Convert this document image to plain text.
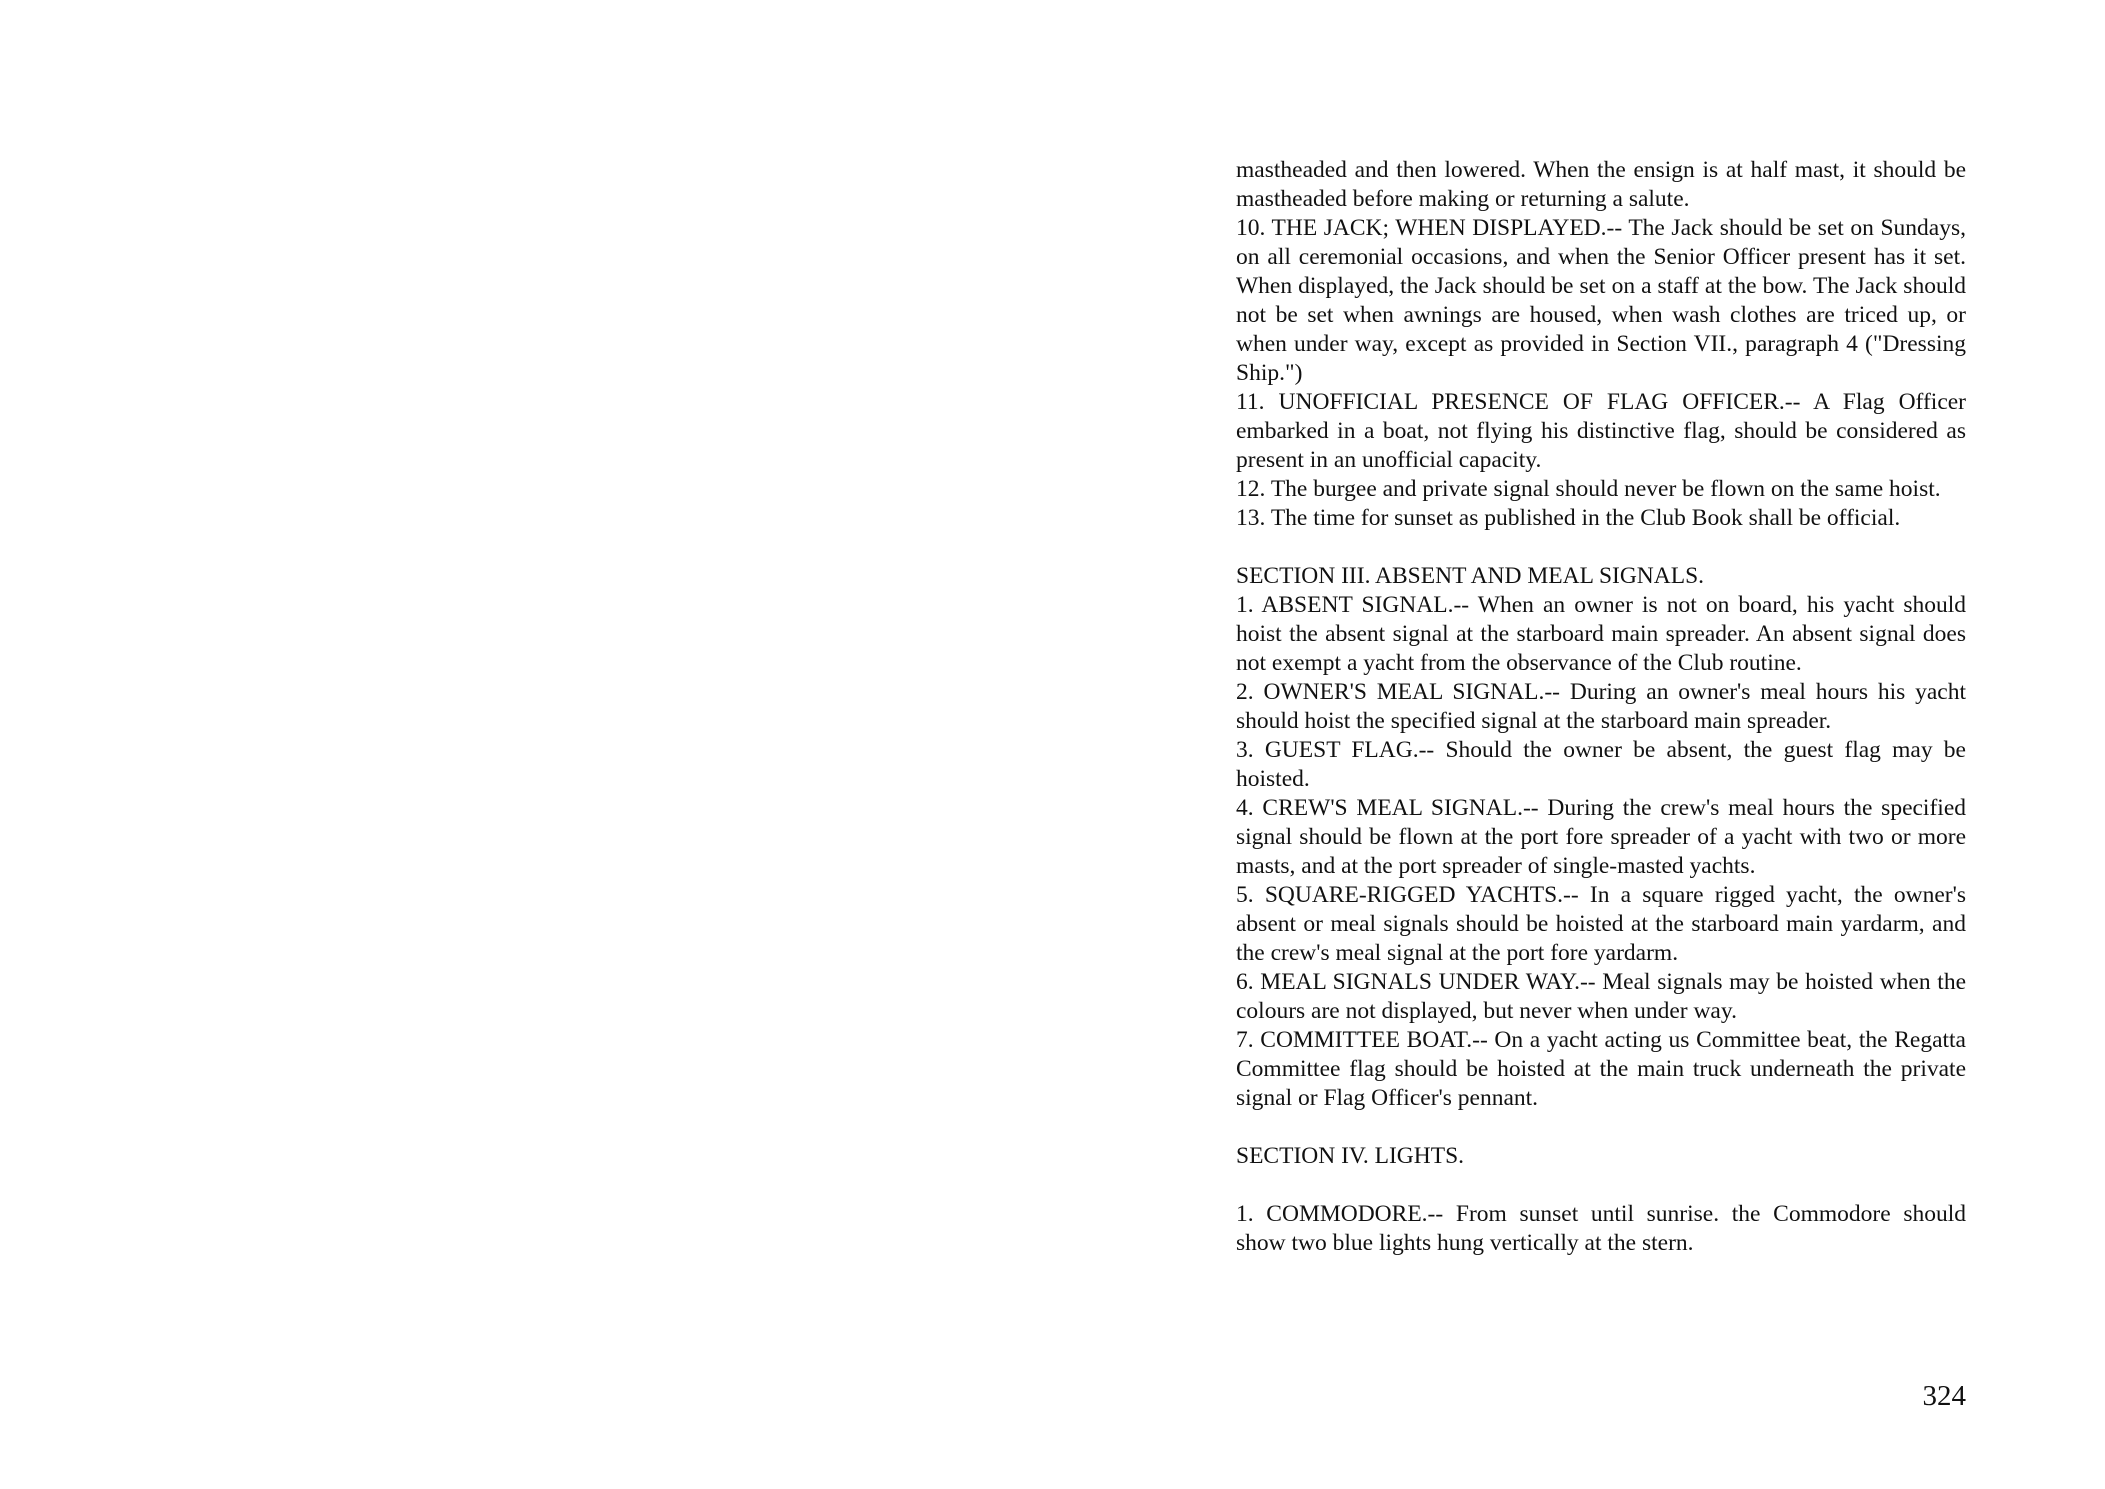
mastheaded and then lowered. When the ensign is at half mast, it should be mastheaded before making or returning a salute.

10. THE JACK; WHEN DISPLAYED.-- The Jack should be set on Sundays, on all ceremonial occasions, and when the Senior Officer present has it set. When displayed, the Jack should be set on a staff at the bow. The Jack should not be set when awnings are housed, when wash clothes are triced up, or when under way, except as provided in Section VII., paragraph 4 ("Dressing Ship.")

11. UNOFFICIAL PRESENCE OF FLAG OFFICER.-- A Flag Officer embarked in a boat, not flying his distinctive flag, should be considered as present in an unofficial capacity.

12. The burgee and private signal should never be flown on the same hoist.

13. The time for sunset as published in the Club Book shall be official.

SECTION III. ABSENT AND MEAL SIGNALS.

1. ABSENT SIGNAL.-- When an owner is not on board, his yacht should hoist the absent signal at the starboard main spreader. An absent signal does not exempt a yacht from the observance of the Club routine.

2. OWNER'S MEAL SIGNAL.-- During an owner's meal hours his yacht should hoist the specified signal at the starboard main spreader.

3. GUEST FLAG.-- Should the owner be absent, the guest flag may be hoisted.

4. CREW'S MEAL SIGNAL.-- During the crew's meal hours the specified signal should be flown at the port fore spreader of a yacht with two or more masts, and at the port spreader of single-masted yachts.

5. SQUARE-RIGGED YACHTS.-- In a square rigged yacht, the owner's absent or meal signals should be hoisted at the starboard main yardarm, and the crew's meal signal at the port fore yardarm.

6. MEAL SIGNALS UNDER WAY.-- Meal signals may be hoisted when the colours are not displayed, but never when under way.

7. COMMITTEE BOAT.-- On a yacht acting us Committee beat, the Regatta Committee flag should be hoisted at the main truck underneath the private signal or Flag Officer's pennant.

SECTION IV. LIGHTS.

1. COMMODORE.-- From sunset until sunrise. the Commodore should show two blue lights hung vertically at the stern.

324
